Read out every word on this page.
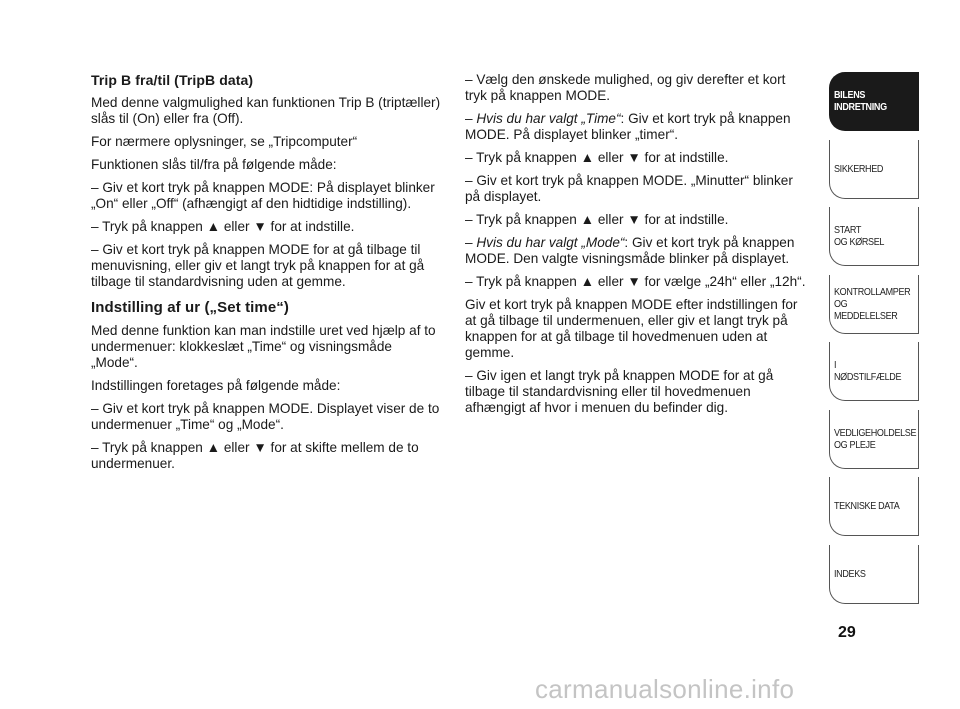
Trip B fra/til (TripB data)

Med denne valgmulighed kan funktionen Trip B (triptæller) slås til (On) eller fra (Off).

For nærmere oplysninger, se „Tripcomputer“

Funktionen slås til/fra på følgende måde:

– Giv et kort tryk på knappen MODE: På displayet blinker „On“ eller „Off“ (afhængigt af den hidtidige indstilling).

– Tryk på knappen ▲ eller ▼ for at indstille.

– Giv et kort tryk på knappen MODE for at gå tilbage til menuvisning, eller giv et langt tryk på knappen for at gå tilbage til standardvisning uden at gemme.

Indstilling af ur („Set time“)

Med denne funktion kan man indstille uret ved hjælp af to undermenuer: klokkeslæt „Time“ og visningsmåde „Mode“.

Indstillingen foretages på følgende måde:

– Giv et kort tryk på knappen MODE. Displayet viser de to undermenuer „Time“ og „Mode“.

– Tryk på knappen ▲ eller ▼ for at skifte mellem de to undermenuer.

– Vælg den ønskede mulighed, og giv derefter et kort tryk på knappen MODE.

– Hvis du har valgt „Time“: Giv et kort tryk på knappen MODE. På displayet blinker „timer“.

– Tryk på knappen ▲ eller ▼ for at indstille.

– Giv et kort tryk på knappen MODE. „Minutter“ blinker på displayet.

– Tryk på knappen ▲ eller ▼ for at indstille.

– Hvis du har valgt „Mode“: Giv et kort tryk på knappen MODE. Den valgte visningsmåde blinker på displayet.

– Tryk på knappen ▲ eller ▼ for vælge „24h“ eller „12h“.

Giv et kort tryk på knappen MODE efter indstillingen for at gå tilbage til undermenuen, eller giv et langt tryk på knappen for at gå tilbage til hovedmenuen uden at gemme.

– Giv igen et langt tryk på knappen MODE for at gå tilbage til standardvisning eller til hovedmenuen afhængigt af hvor i menuen du befinder dig.

BILENS
INDRETNING
SIKKERHED
START
OG KØRSEL
KONTROLLAMPER
OG MEDDELELSER
I NØDSTILFÆLDE
VEDLIGEHOLDELSE
OG PLEJE
TEKNISKE DATA
INDEKS
29
carmanualsonline.info
